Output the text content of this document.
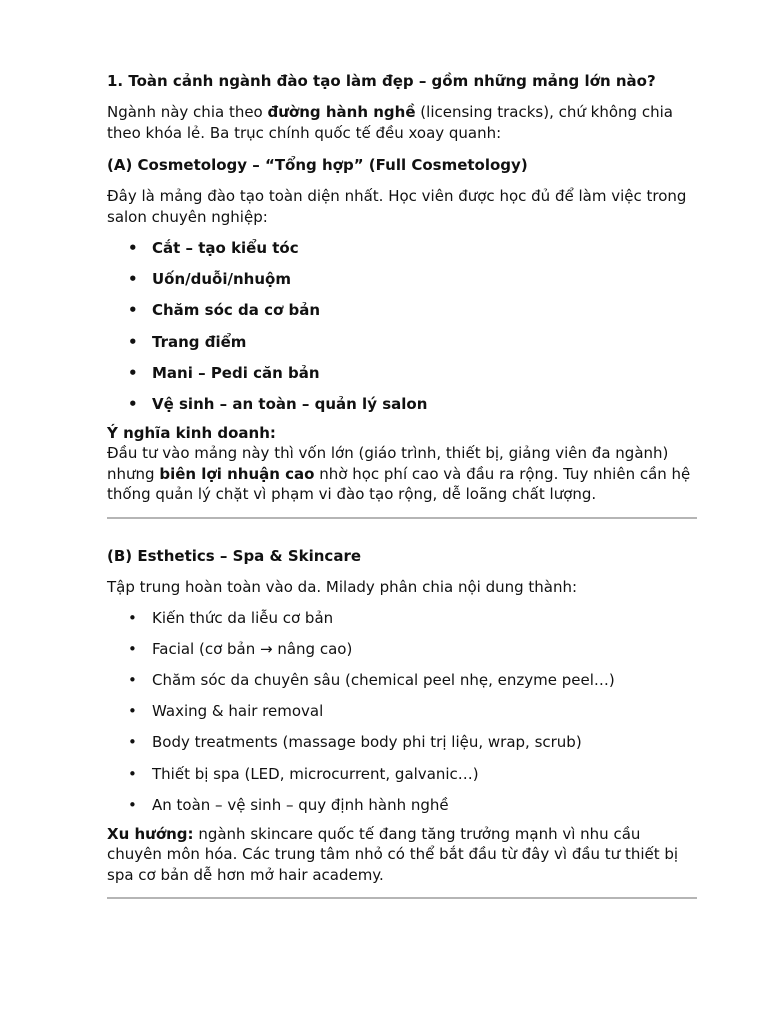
1. Toàn cảnh ngành đào tạo làm đẹp – gồm những mảng lớn nào?

Ngành này chia theo đường hành nghề (licensing tracks), chứ không chia theo khóa lẻ. Ba trục chính quốc tế đều xoay quanh:

(A) Cosmetology – “Tổng hợp” (Full Cosmetology)

Đây là mảng đào tạo toàn diện nhất. Học viên được học đủ để làm việc trong salon chuyên nghiệp:

• Cắt – tạo kiểu tóc
• Uốn/duỗi/nhuộm
• Chăm sóc da cơ bản
• Trang điểm
• Mani – Pedi căn bản
• Vệ sinh – an toàn – quản lý salon

Ý nghĩa kinh doanh:

Đầu tư vào mảng này thì vốn lớn (giáo trình, thiết bị, giảng viên đa ngành) nhưng biên lợi nhuận cao nhờ học phí cao và đầu ra rộng. Tuy nhiên cần hệ thống quản lý chặt vì phạm vi đào tạo rộng, dễ loãng chất lượng.

(B) Esthetics – Spa & Skincare

Tập trung hoàn toàn vào da. Milady phân chia nội dung thành:

• Kiến thức da liễu cơ bản
• Facial (cơ bản → nâng cao)
• Chăm sóc da chuyên sâu (chemical peel nhẹ, enzyme peel…)
• Waxing & hair removal
• Body treatments (massage body phi trị liệu, wrap, scrub)
• Thiết bị spa (LED, microcurrent, galvanic…)
• An toàn – vệ sinh – quy định hành nghề

Xu hướng: ngành skincare quốc tế đang tăng trưởng mạnh vì nhu cầu chuyên môn hóa. Các trung tâm nhỏ có thể bắt đầu từ đây vì đầu tư thiết bị spa cơ bản dễ hơn mở hair academy.
